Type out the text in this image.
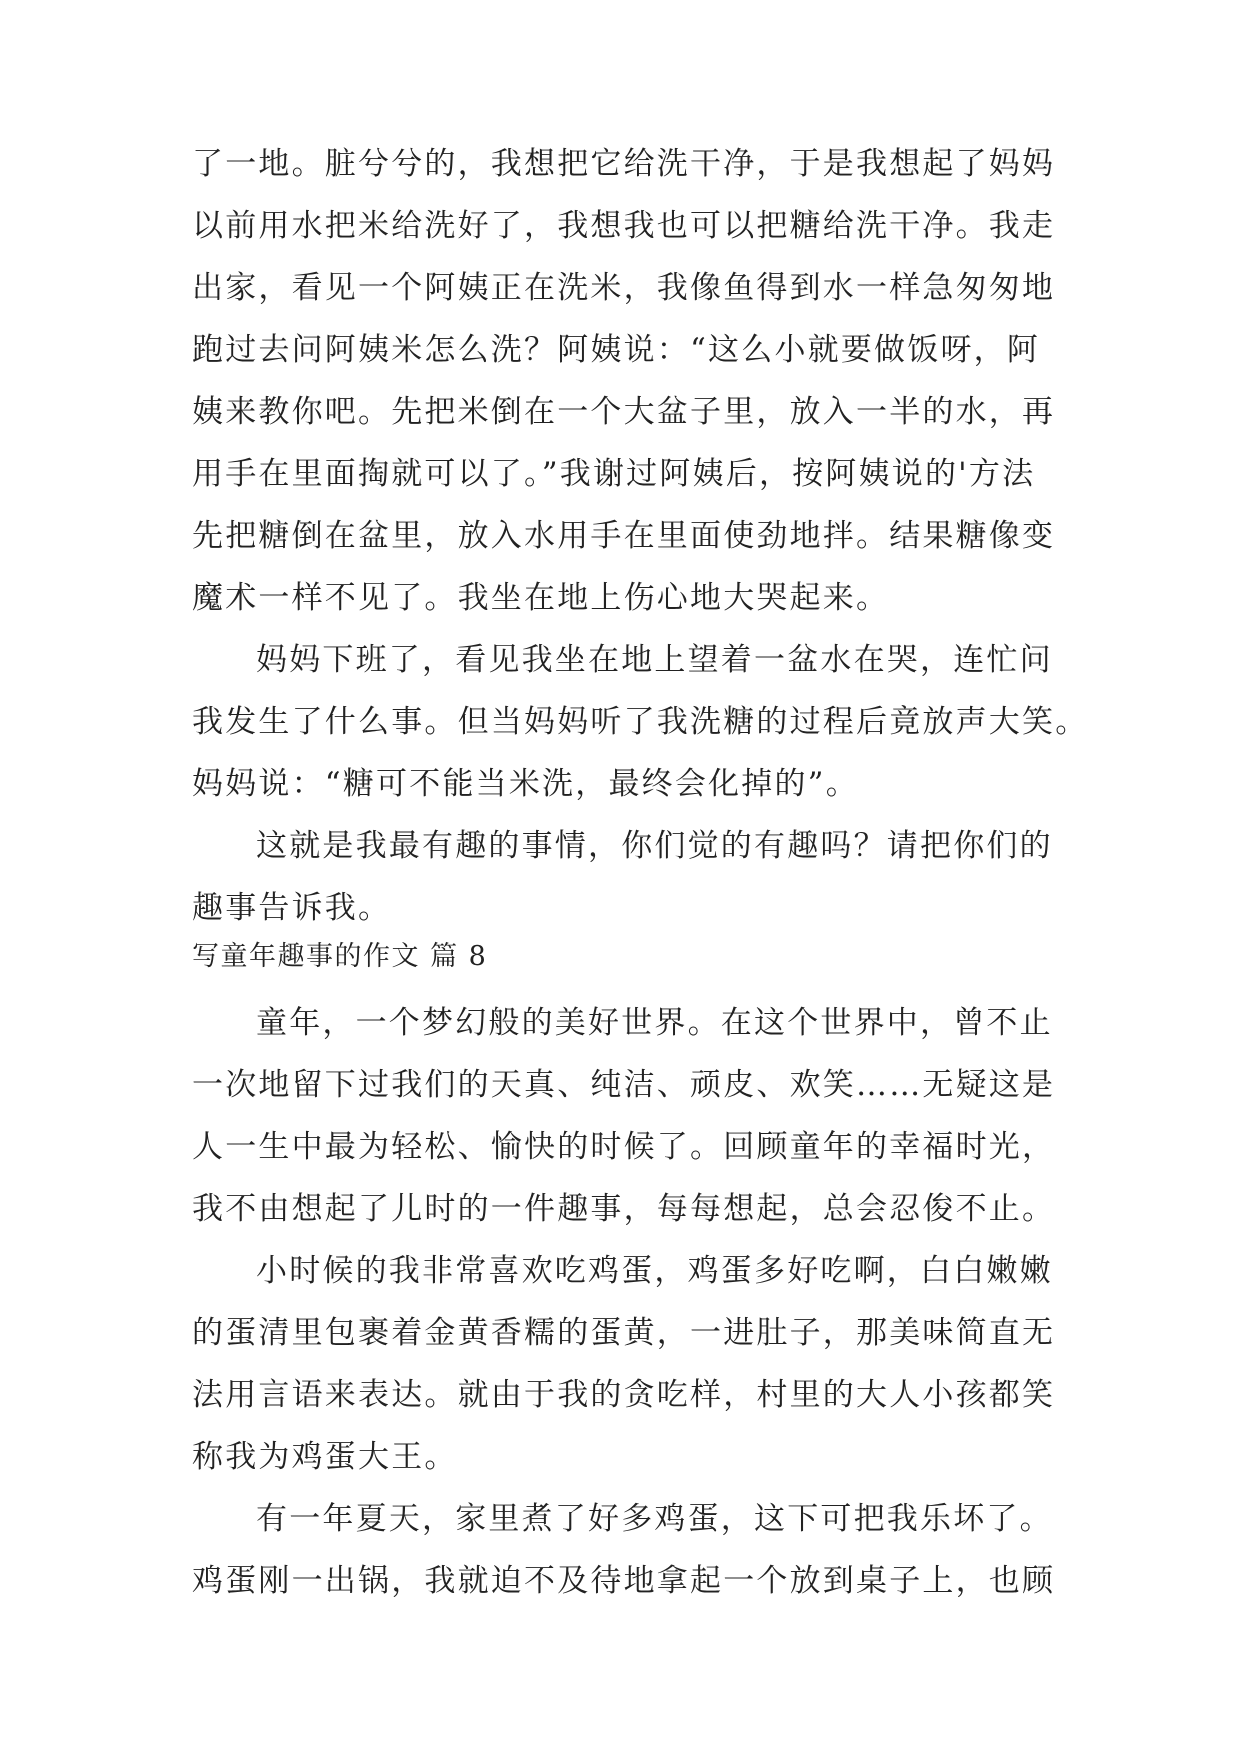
了一地。脏兮兮的，我想把它给洗干净，于是我想起了妈妈
以前用水把米给洗好了，我想我也可以把糖给洗干净。我走
出家，看见一个阿姨正在洗米，我像鱼得到水一样急匆匆地
跑过去问阿姨米怎么洗？阿姨说：“这么小就要做饭呀，阿
姨来教你吧。先把米倒在一个大盆子里，放入一半的水，再
用手在里面掏就可以了。”我谢过阿姨后，按阿姨说的'方法
先把糖倒在盆里，放入水用手在里面使劲地拌。结果糖像变
魔术一样不见了。我坐在地上伤心地大哭起来。
妈妈下班了，看见我坐在地上望着一盆水在哭，连忙问
我发生了什么事。但当妈妈听了我洗糖的过程后竟放声大笑。
妈妈说：“糖可不能当米洗，最终会化掉的”。
这就是我最有趣的事情，你们觉的有趣吗？请把你们的
趣事告诉我。
写童年趣事的作文 篇 8
童年，一个梦幻般的美好世界。在这个世界中，曾不止
一次地留下过我们的天真、纯洁、顽皮、欢笑……无疑这是
人一生中最为轻松、愉快的时候了。回顾童年的幸福时光，
我不由想起了儿时的一件趣事，每每想起，总会忍俊不止。
小时候的我非常喜欢吃鸡蛋，鸡蛋多好吃啊，白白嫩嫩
的蛋清里包裹着金黄香糯的蛋黄，一进肚子，那美味简直无
法用言语来表达。就由于我的贪吃样，村里的大人小孩都笑
称我为鸡蛋大王。
有一年夏天，家里煮了好多鸡蛋，这下可把我乐坏了。
鸡蛋刚一出锅，我就迫不及待地拿起一个放到桌子上，也顾
